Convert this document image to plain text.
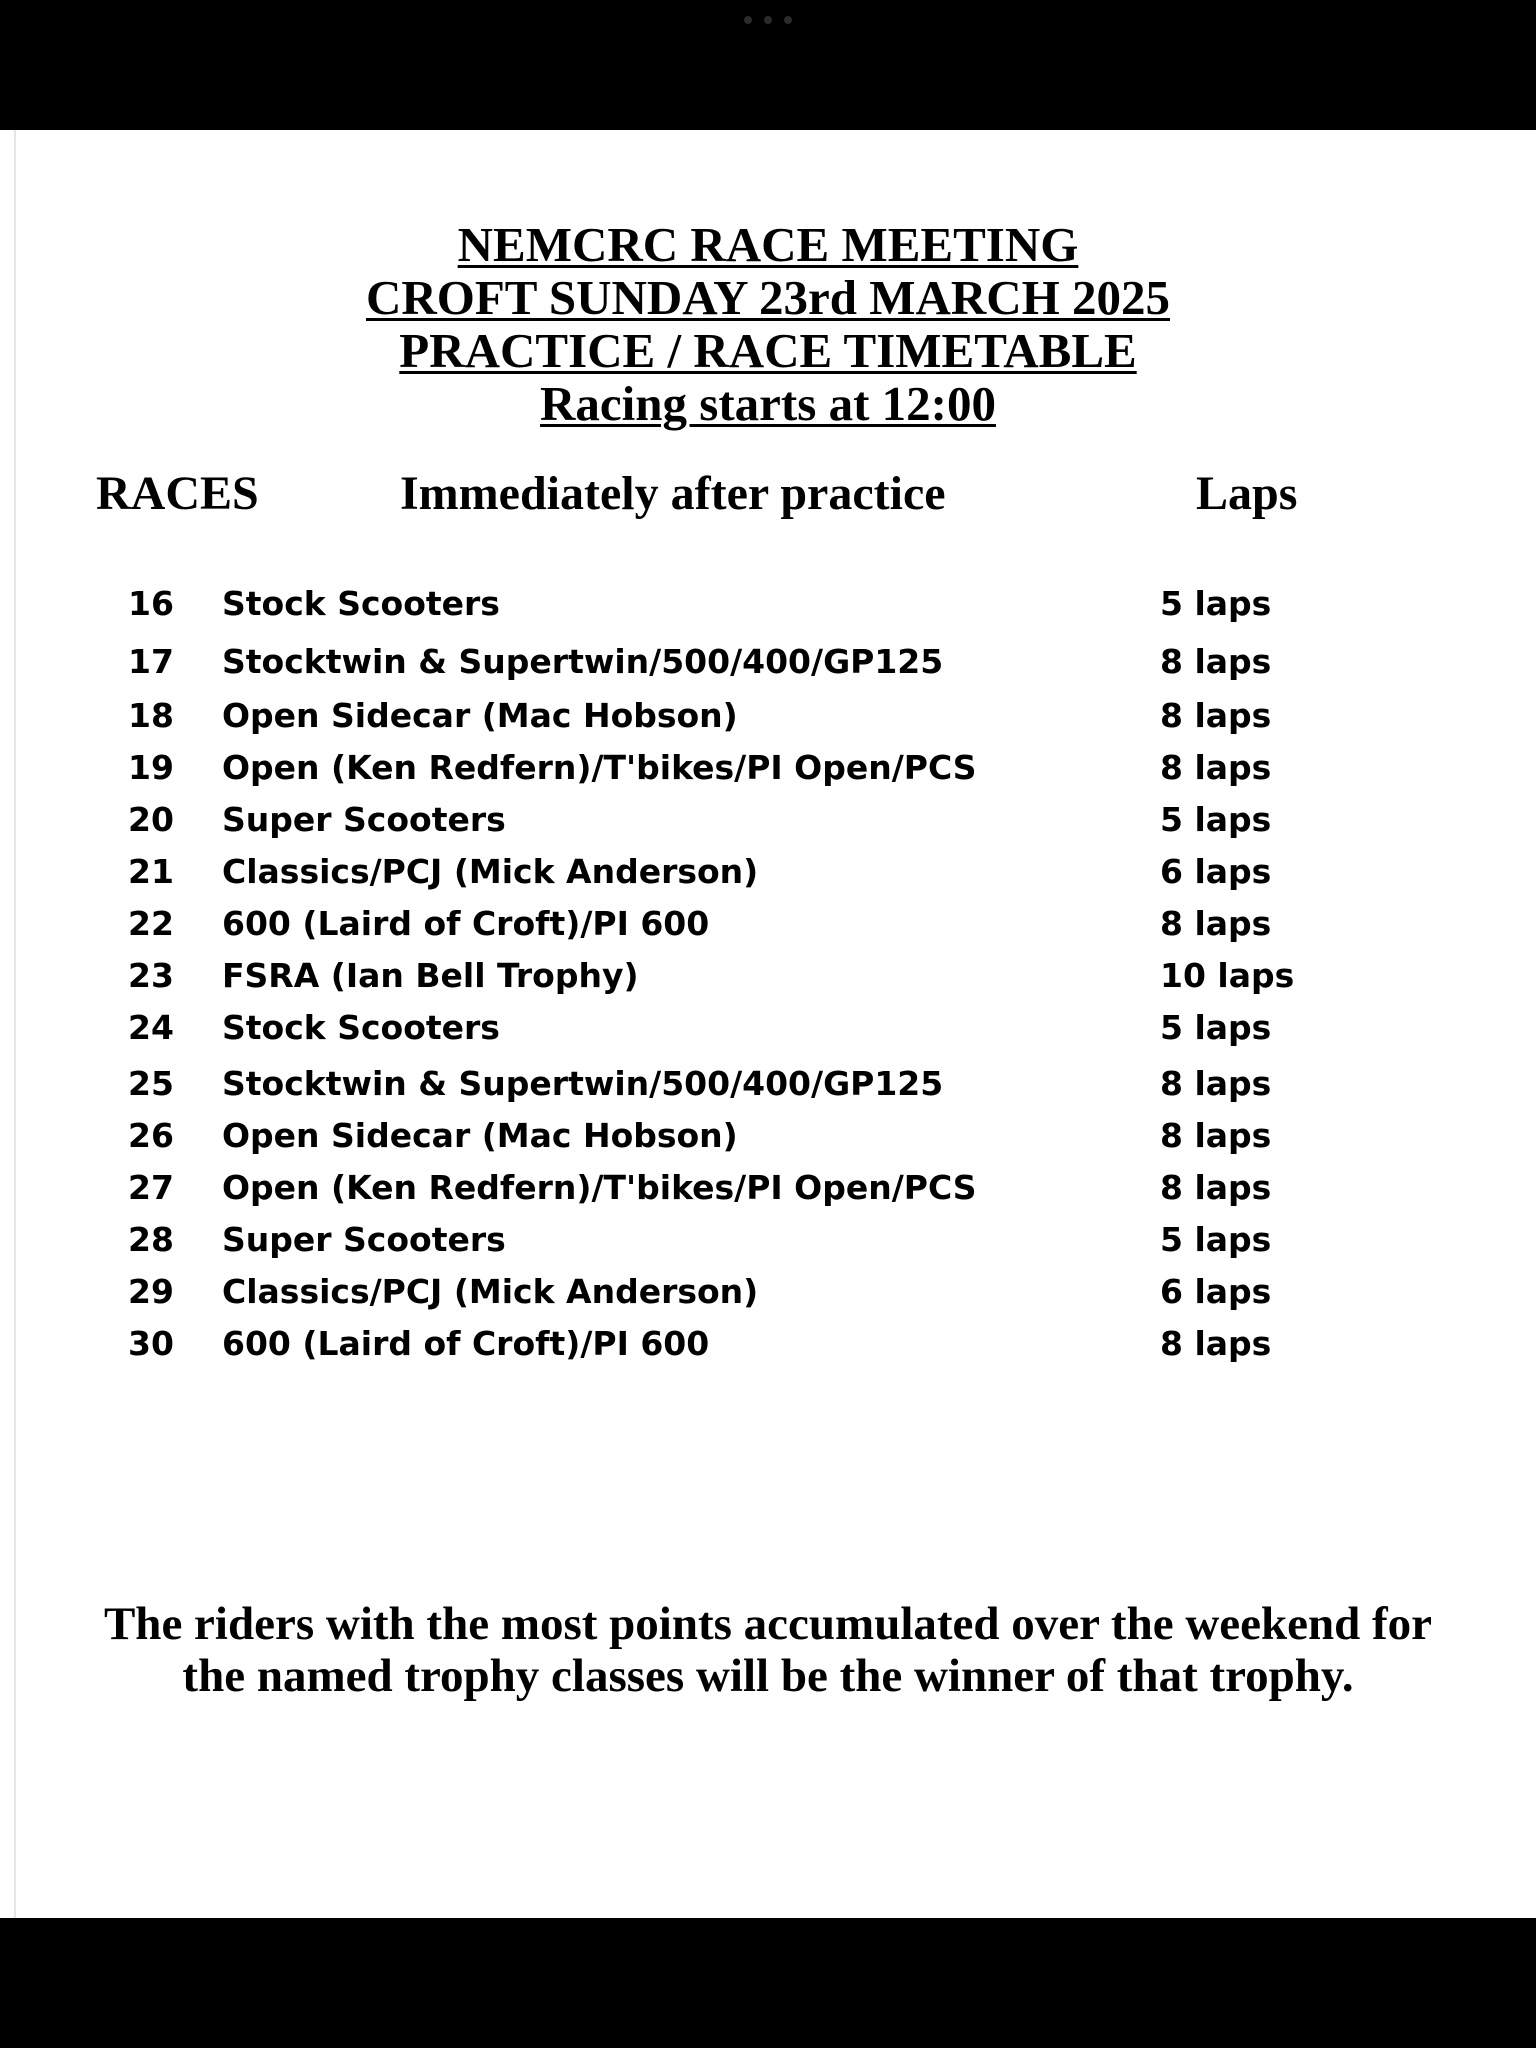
NEMCRC RACE MEETING
CROFT SUNDAY 23rd MARCH 2025
PRACTICE / RACE TIMETABLE
Racing starts at 12:00
RACES	Immediately after practice	Laps
16 Stock Scooters	5 laps
17 Stocktwin & Supertwin/500/400/GP125	8 laps
18 Open Sidecar (Mac Hobson)	8 laps
19 Open (Ken Redfern)/T'bikes/PI Open/PCS	8 laps
20 Super Scooters	5 laps
21 Classics/PCJ (Mick Anderson)	6 laps
22 600 (Laird of Croft)/PI 600	8 laps
23 FSRA (Ian Bell Trophy)	10 laps
24 Stock Scooters	5 laps
25 Stocktwin & Supertwin/500/400/GP125	8 laps
26 Open Sidecar (Mac Hobson)	8 laps
27 Open (Ken Redfern)/T'bikes/PI Open/PCS	8 laps
28 Super Scooters	5 laps
29 Classics/PCJ (Mick Anderson)	6 laps
30 600 (Laird of Croft)/PI 600	8 laps
The riders with the most points accumulated over the weekend for the named trophy classes will be the winner of that trophy.
